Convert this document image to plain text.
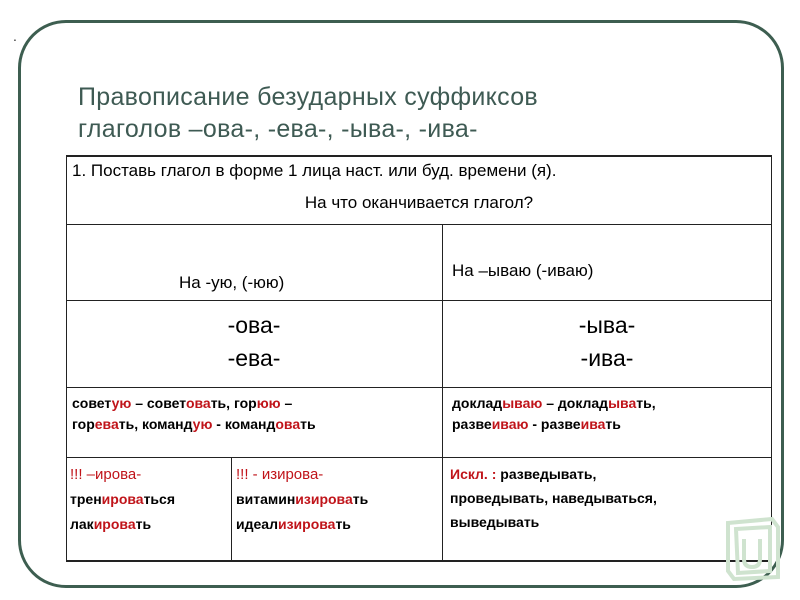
.
Правописание безударных суффиксов
глаголов –ова-, -ева-, -ыва-, -ива-
1. Поставь глагол в форме 1 лица наст. или буд. времени (я).
На что оканчивается глагол?
На -ую, (-юю)
На –ываю (-иваю)
-ова-
-ева-
-ыва-
-ива-
советую – советовать, горюю –
горевать, командую - командовать
докладываю – докладывать,
развеиваю - развеивать
!!! –ирова-
тренироваться
лакировать
!!! - изирова-
витаминизировать
идеализировать
Искл. : разведывать,
проведывать, наведываться,
выведывать
